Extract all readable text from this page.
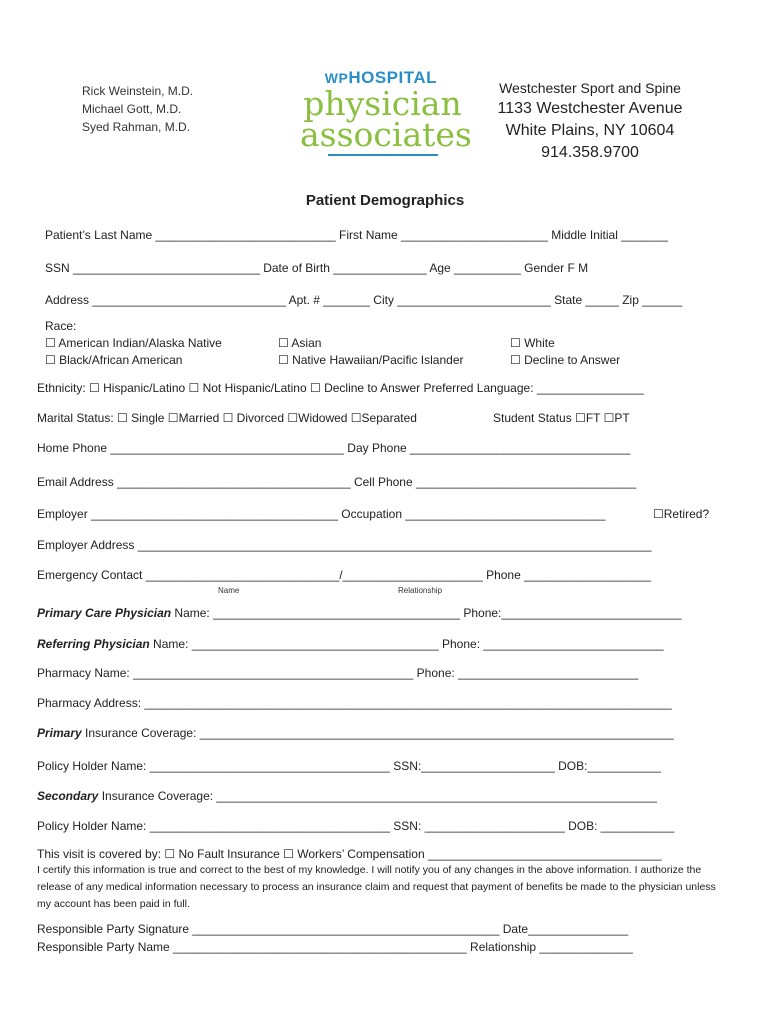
Rick Weinstein, M.D.
Michael Gott, M.D.
Syed Rahman, M.D.
WPHOSPITAL
physician
associates
Westchester Sport and Spine
1133 Westchester Avenue
White Plains, NY 10604
914.358.9700
Patient Demographics
Patient’s Last Name ___________________________ First Name ______________________ Middle Initial _______
SSN ____________________________ Date of Birth ______________ Age __________ Gender F M
Address _____________________________ Apt. # _______ City _______________________ State _____ Zip ______
Race:
☐ American Indian/Alaska Native	☐ Asian	☐ White
☐ Black/African American	☐ Native Hawaiian/Pacific Islander	☐ Decline to Answer
Ethnicity: ☐ Hispanic/Latino ☐ Not Hispanic/Latino ☐ Decline to Answer Preferred Language: ________________
Marital Status: ☐ Single ☐Married ☐ Divorced ☐Widowed ☐Separated	Student Status ☐FT ☐PT
Home Phone ___________________________________ Day Phone _________________________________
Email Address ___________________________________ Cell Phone _________________________________
Employer _____________________________________ Occupation ______________________________	☐Retired?
Employer Address _____________________________________________________________________________
Emergency Contact _____________________________/_____________________ Phone ___________________
Name	Relationship
Primary Care Physician Name: _____________________________________ Phone:___________________________
Referring Physician Name: _____________________________________ Phone: ___________________________
Pharmacy Name: __________________________________________ Phone: ___________________________
Pharmacy Address: _______________________________________________________________________________
Primary Insurance Coverage: _______________________________________________________________________
Policy Holder Name: ____________________________________ SSN:____________________ DOB:___________
Secondary Insurance Coverage: __________________________________________________________________
Policy Holder Name: ____________________________________ SSN: _____________________ DOB: ___________
This visit is covered by: ☐ No Fault Insurance ☐ Workers’ Compensation ___________________________________
I certify this information is true and correct to the best of my knowledge. I will notify you of any changes in the above information. I authorize the release of any medical information necessary to process an insurance claim and request that payment of benefits be made to the physician unless my account has been paid in full.
Responsible Party Signature ______________________________________________ Date_______________
Responsible Party Name ____________________________________________ Relationship ______________
